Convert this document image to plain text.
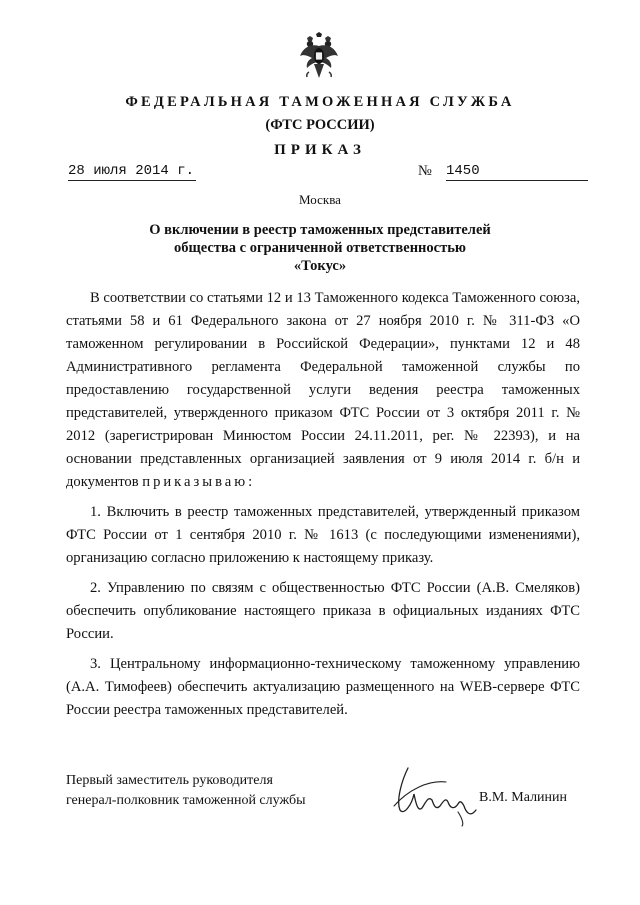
ФЕДЕРАЛЬНАЯ ТАМОЖЕННАЯ СЛУЖБА
(ФТС РОССИИ)
ПРИКАЗ
28 июля 2014 г.	№ 1450
Москва
О включении в реестр таможенных представителей
общества с ограниченной ответственностью
«Токус»

В соответствии со статьями 12 и 13 Таможенного кодекса Таможенного союза, статьями 58 и 61 Федерального закона от 27 ноября 2010 г. № 311-ФЗ «О таможенном регулировании в Российской Федерации», пунктами 12 и 48 Административного регламента Федеральной таможенной службы по предоставлению государственной услуги ведения реестра таможенных представителей, утвержденного приказом ФТС России от 3 октября 2011 г. № 2012 (зарегистрирован Минюстом России 24.11.2011, рег. № 22393), и на основании представленных организацией заявления от 9 июля 2014 г. б/н и документов приказываю:

1. Включить в реестр таможенных представителей, утвержденный приказом ФТС России от 1 сентября 2010 г. № 1613 (с последующими изменениями), организацию согласно приложению к настоящему приказу.

2. Управлению по связям с общественностью ФТС России (А.В. Смеляков) обеспечить опубликование настоящего приказа в официальных изданиях ФТС России.

3. Центральному информационно-техническому таможенному управлению (А.А. Тимофеев) обеспечить актуализацию размещенного на WEB-сервере ФТС России реестра таможенных представителей.

Первый заместитель руководителя
генерал-полковник таможенной службы	В.М. Малинин
